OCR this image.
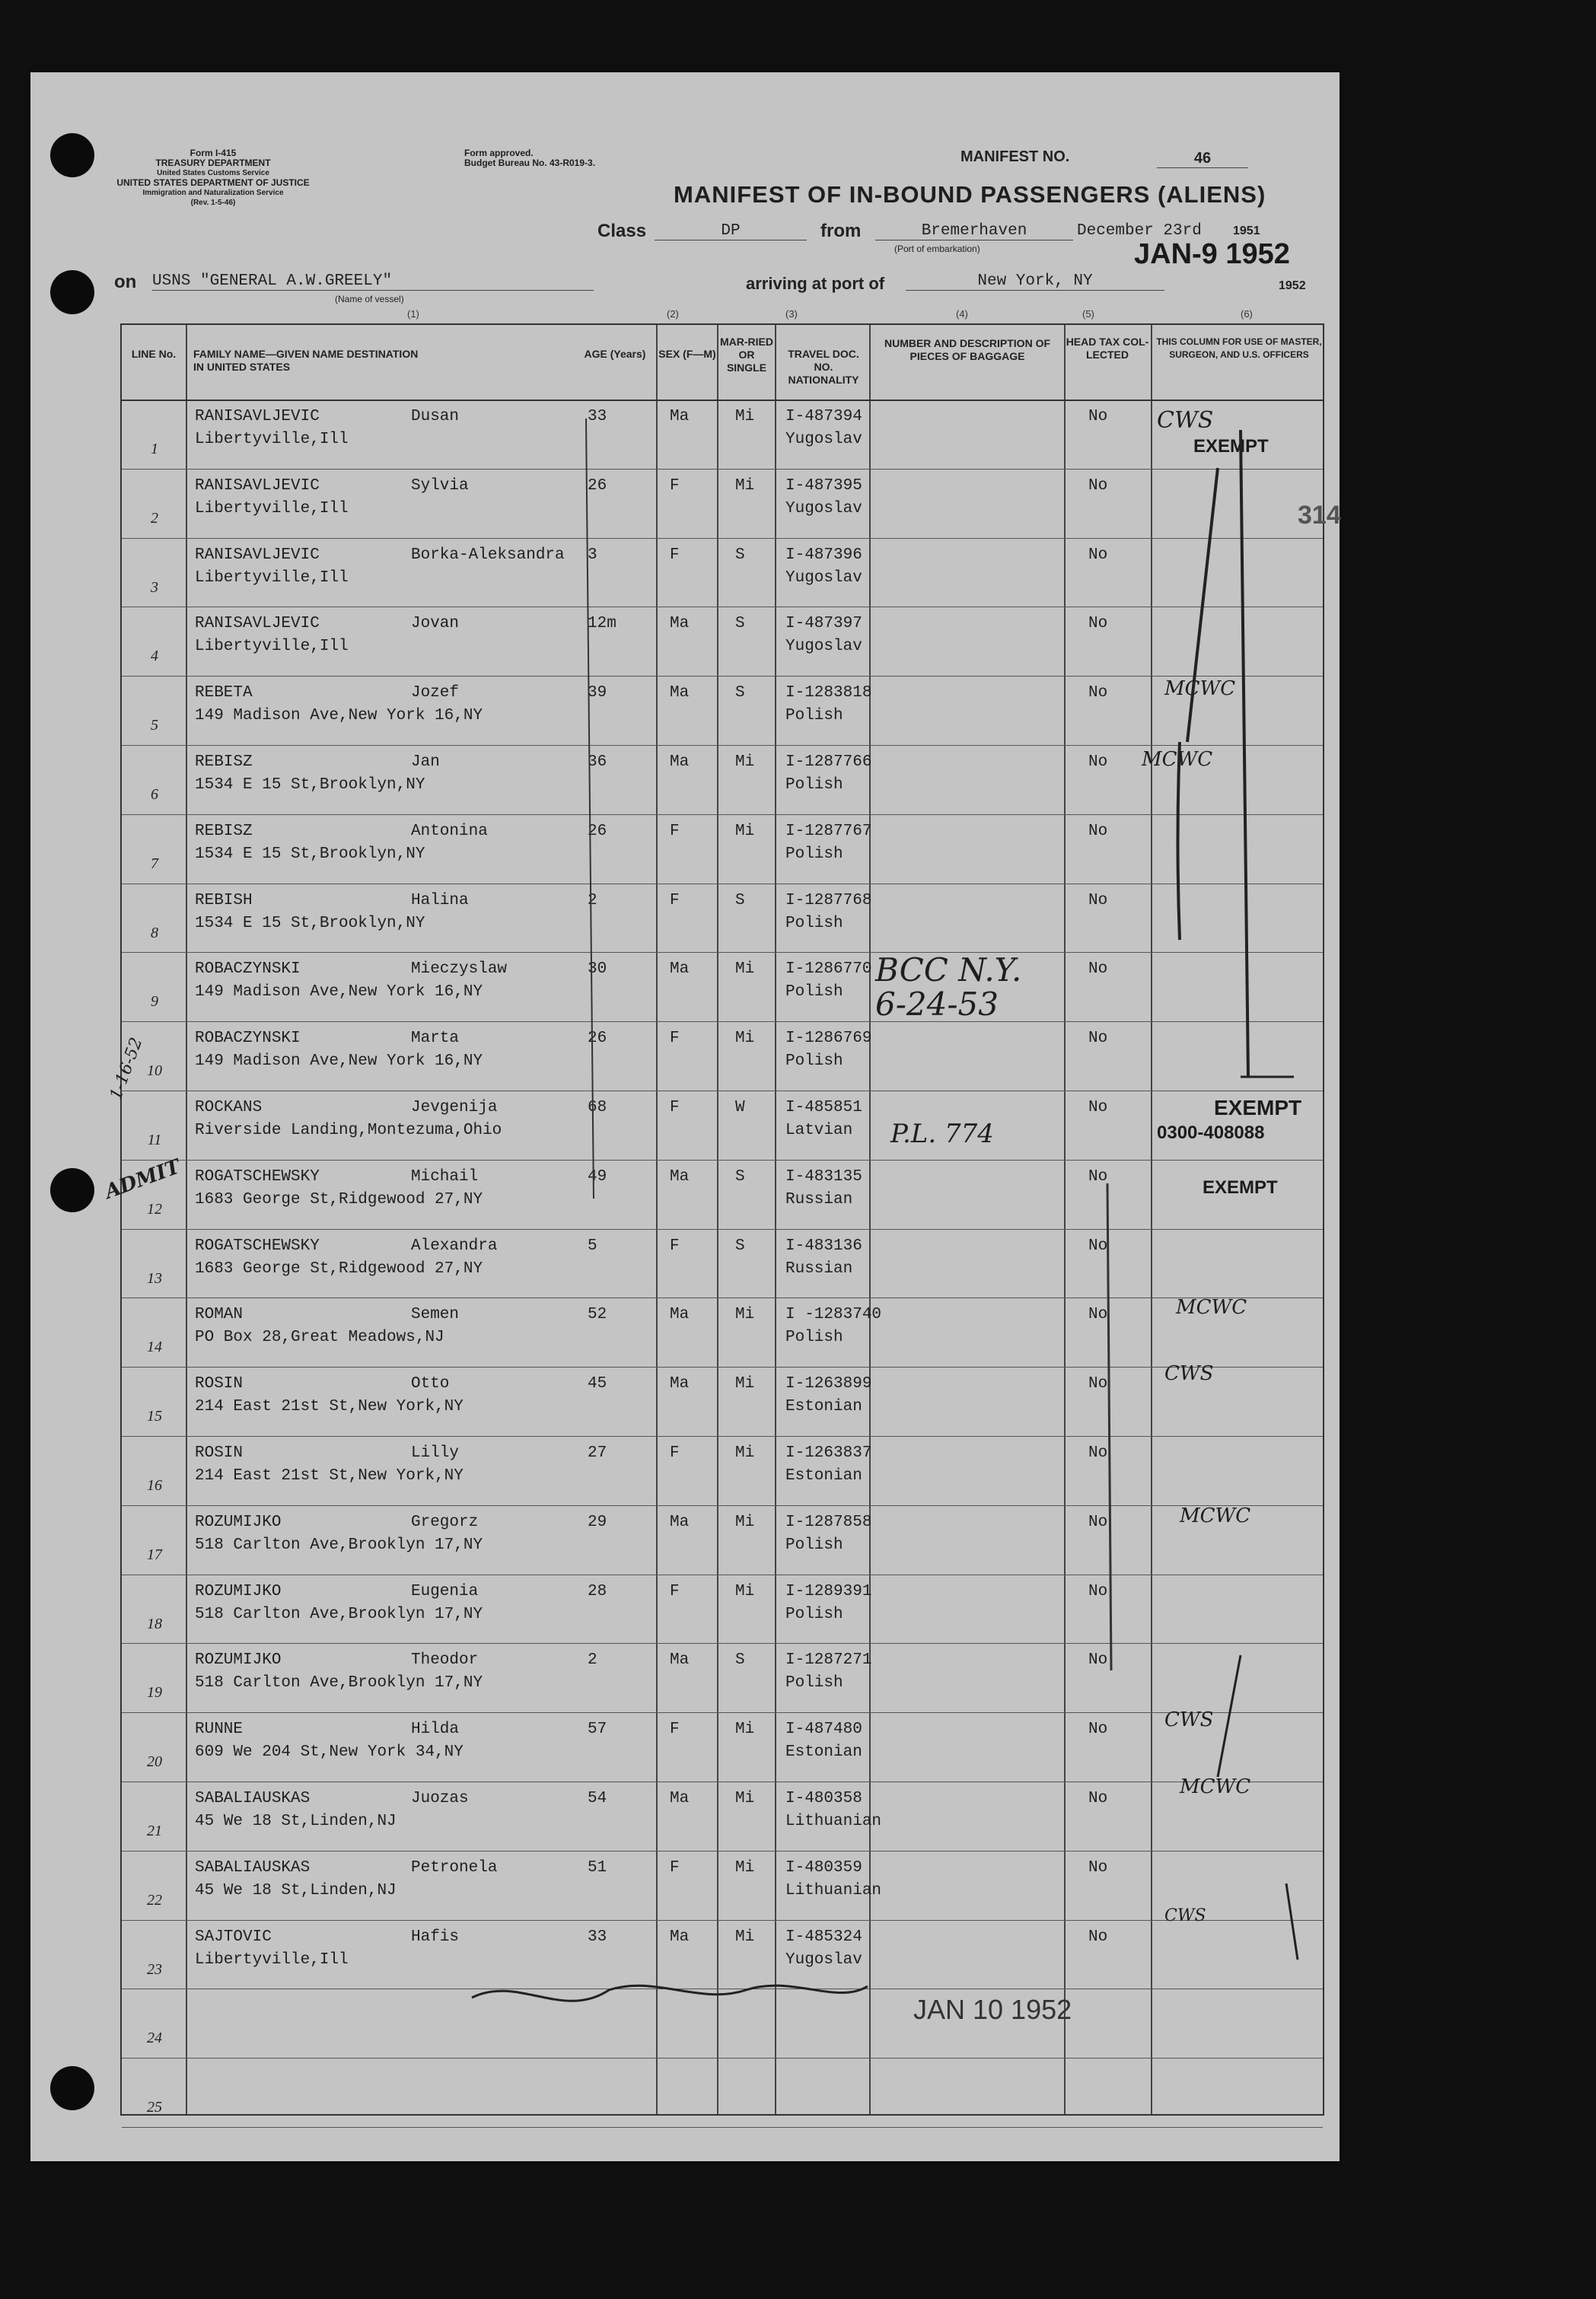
Form I-415
TREASURY DEPARTMENT
United States Customs Service
UNITED STATES DEPARTMENT OF JUSTICE
Immigration and Naturalization Service
(Rev. 1-5-46)
Form approved.
Budget Bureau No. 43-R019-3.	MANIFEST NO.	46
MANIFEST OF IN-BOUND PASSENGERS (ALIENS)
Class	DP	from	Bremerhaven
(Port of embarkation)
December 23rd	1951
JAN-9 1952
on USNS "GENERAL A.W.GREELY"
(Name of vessel)
arriving at port of	New York, NY	1952
(1)	(2)	(3)	(4)	(5)	(6)
LINE No.	FAMILY NAME—GIVEN NAME DESTINATION IN UNITED STATES
AGE (Years)	SEX (F—M)
MAR-RIED OR SINGLE
TRAVEL DOC. NO. NATIONALITY
NUMBER AND DESCRIPTION OF PIECES OF BAGGAGE
HEAD TAX COL-LECTED
THIS COLUMN FOR USE OF MASTER, SURGEON, AND U.S. OFFICERS
1
RANISAVLJEVIC	Dusan
Libertyville,Ill
33	Ma	Mi I-487394
Yugoslav
No
2
RANISAVLJEVIC	Sylvia
Libertyville,Ill
26	F	Mi I-487395
Yugoslav
No
3
RANISAVLJEVIC	Borka-Aleksandra
Libertyville,Ill
3	F	S	I-487396
Yugoslav
No
4
RANISAVLJEVIC	Jovan
Libertyville,Ill
12m	Ma	S	I-487397
Yugoslav
No
5
REBETA	Jozef
149 Madison Ave,New York 16,NY
39	Ma	S	I-1283818
Polish
No
6
REBISZ	Jan
1534 E 15 St,Brooklyn,NY
36	Ma	Mi I-1287766
Polish
No
7
REBISZ	Antonina
1534 E 15 St,Brooklyn,NY
26	F	Mi I-1287767
Polish
No
8
REBISH	Halina
1534 E 15 St,Brooklyn,NY
2	F	S	I-1287768
Polish
No
9
ROBACZYNSKI	Mieczyslaw
149 Madison Ave,New York 16,NY
30	Ma	Mi I-1286770
Polish
No
10
ROBACZYNSKI	Marta
149 Madison Ave,New York 16,NY
26	F	Mi I-1286769
Polish
No
11
ROCKANS	Jevgenija
Riverside Landing,Montezuma,Ohio
68	F	W	I-485851
Latvian
No
12
ROGATSCHEWSKY	Michail
1683 George St,Ridgewood 27,NY
49	Ma	S	I-483135
Russian
No
13
ROGATSCHEWSKY	Alexandra
1683 George St,Ridgewood 27,NY
5	F	S	I-483136
Russian
No
14
ROMAN	Semen
PO Box 28,Great Meadows,NJ
52	Ma	Mi I -1283740
Polish
No
15
ROSIN	Otto
214 East 21st St,New York,NY
45	Ma	Mi I-1263899
Estonian
No
16
ROSIN	Lilly
214 East 21st St,New York,NY
27	F	Mi I-1263837
Estonian
No
17
ROZUMIJKO	Gregorz
518 Carlton Ave,Brooklyn 17,NY
29	Ma	Mi I-1287858
Polish
No
18
ROZUMIJKO	Eugenia
518 Carlton Ave,Brooklyn 17,NY
28	F	Mi I-1289391
Polish
No
19
ROZUMIJKO	Theodor
518 Carlton Ave,Brooklyn 17,NY
2	Ma	S	I-1287271
Polish
No
20
RUNNE	Hilda
609 We 204 St,New York 34,NY
57	F	Mi I-487480
Estonian
No
21
SABALIAUSKAS	Juozas
45 We 18 St,Linden,NJ
54	Ma	Mi I-480358
Lithuanian
No
22
SABALIAUSKAS	Petronela
45 We 18 St,Linden,NJ
51	F	Mi I-480359
Lithuanian
No
23
SAJTOVIC	Hafis
Libertyville,Ill
33	Ma	Mi I-485324
Yugoslav
No
24
25
EXEMPT
314
EXEMPT
0300-408088
EXEMPT
BCC N.Y.
6-24-53
P.L. 774
1-16-52
ADMIT
JAN 10 1952
CWS
MCWC
MCWC
MCWC
CWS
MCWC
CWS
MCWC
CWS
